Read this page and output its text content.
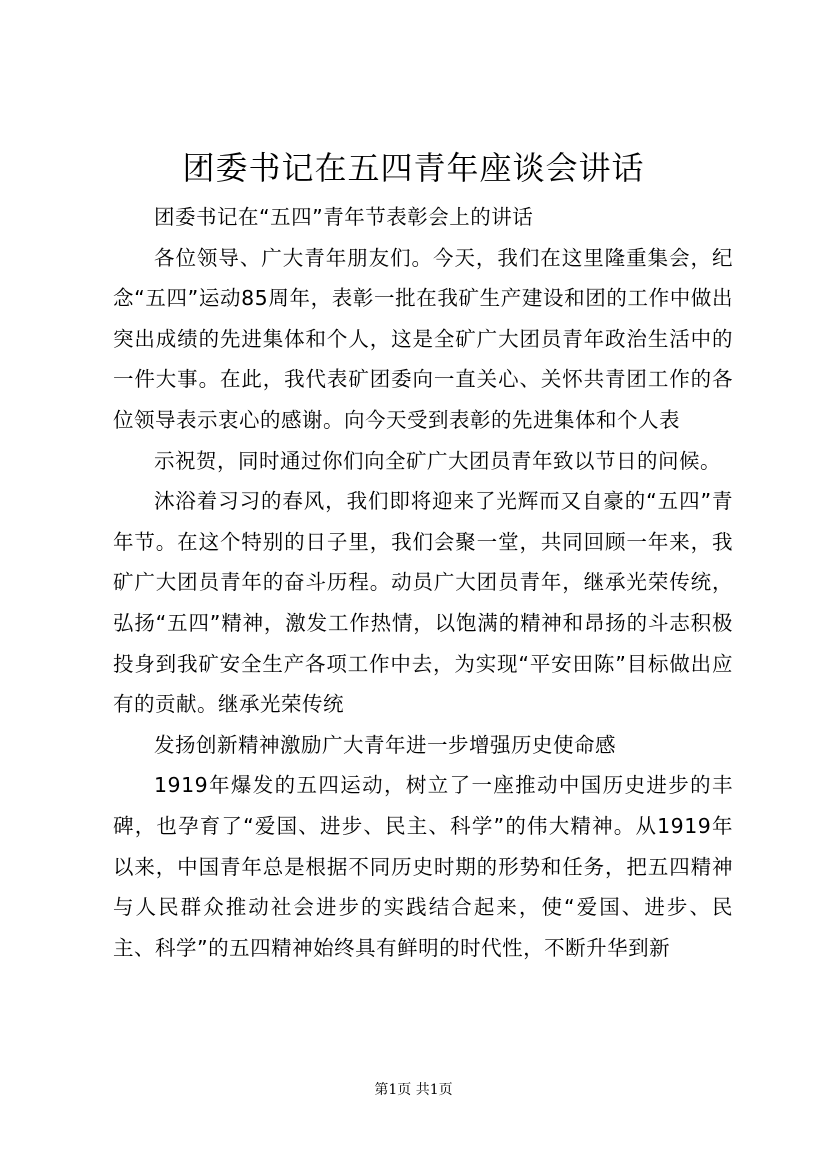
团委书记在五四青年座谈会讲话

团委书记在“五四”青年节表彰会上的讲话

各位领导、广大青年朋友们。今天，我们在这里隆重集会，纪念“五四”运动85周年，表彰一批在我矿生产建设和团的工作中做出突出成绩的先进集体和个人，这是全矿广大团员青年政治生活中的一件大事。在此，我代表矿团委向一直关心、关怀共青团工作的各位领导表示衷心的感谢。向今天受到表彰的先进集体和个人表

示祝贺，同时通过你们向全矿广大团员青年致以节日的问候。

沐浴着习习的春风，我们即将迎来了光辉而又自豪的“五四”青年节。在这个特别的日子里，我们会聚一堂，共同回顾一年来，我矿广大团员青年的奋斗历程。动员广大团员青年，继承光荣传统，弘扬“五四”精神，激发工作热情，以饱满的精神和昂扬的斗志积极投身到我矿安全生产各项工作中去，为实现“平安田陈”目标做出应有的贡献。继承光荣传统

发扬创新精神激励广大青年进一步增强历史使命感

1919年爆发的五四运动，树立了一座推动中国历史进步的丰碑，也孕育了“爱国、进步、民主、科学”的伟大精神。从1919年以来，中国青年总是根据不同历史时期的形势和任务，把五四精神与人民群众推动社会进步的实践结合起来，使“爱国、进步、民主、科学”的五四精神始终具有鲜明的时代性，不断升华到新

第1页 共1页
